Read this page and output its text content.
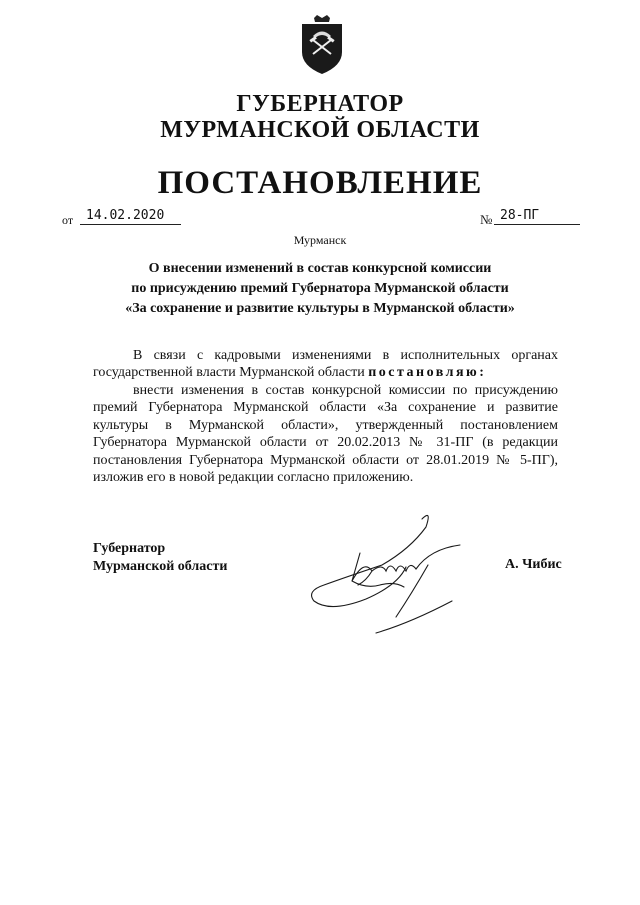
ГУБЕРНАТОР
МУРМАНСКОЙ ОБЛАСТИ
ПОСТАНОВЛЕНИЕ
от 14.02.2020	№ 28-ПГ
Мурманск
О внесении изменений в состав конкурсной комиссии
по присуждению премий Губернатора Мурманской области
«За сохранение и развитие культуры в Мурманской области»
В связи с кадровыми изменениями в исполнительных органах
государственной власти Мурманской области постановляю:
внести изменения в состав конкурсной комиссии по присуждению
премий Губернатора Мурманской области «За сохранение и развитие
культуры в Мурманской области», утвержденный постановлением
Губернатора Мурманской области от 20.02.2013 № 31-ПГ (в редакции
постановления Губернатора Мурманской области от 28.01.2019 № 5-ПГ),
изложив его в новой редакции согласно приложению.
Губернатор
Мурманской области	А. Чибис
